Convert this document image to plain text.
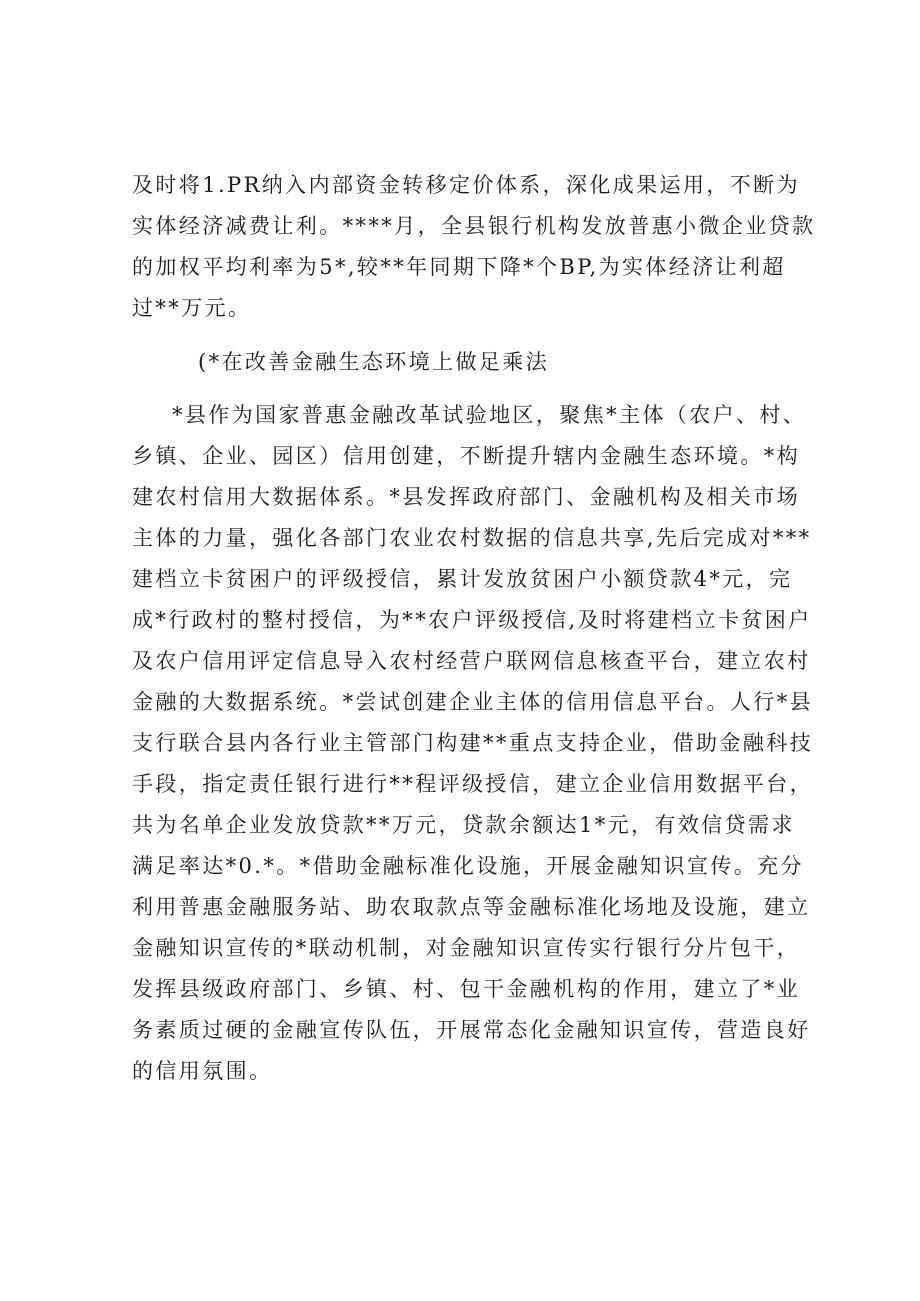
及时将1.PR纳入内部资金转移定价体系，深化成果运用，不断为
实体经济减费让利。****月，全县银行机构发放普惠小微企业贷款
的加权平均利率为5*,较**年同期下降*个BP,为实体经济让利超
过**万元。
(*在改善金融生态环境上做足乘法
*县作为国家普惠金融改革试验地区，聚焦*主体（农户、村、
乡镇、企业、园区）信用创建，不断提升辖内金融生态环境。*构
建农村信用大数据体系。*县发挥政府部门、金融机构及相关市场
主体的力量，强化各部门农业农村数据的信息共享,先后完成对***
建档立卡贫困户的评级授信，累计发放贫困户小额贷款4*元，完
成*行政村的整村授信，为**农户评级授信,及时将建档立卡贫困户
及农户信用评定信息导入农村经营户联网信息核查平台，建立农村
金融的大数据系统。*尝试创建企业主体的信用信息平台。人行*县
支行联合县内各行业主管部门构建**重点支持企业，借助金融科技
手段，指定责任银行进行**程评级授信，建立企业信用数据平台，
共为名单企业发放贷款**万元，贷款余额达1*元，有效信贷需求
满足率达*0.*。*借助金融标准化设施，开展金融知识宣传。充分
利用普惠金融服务站、助农取款点等金融标准化场地及设施，建立
金融知识宣传的*联动机制，对金融知识宣传实行银行分片包干，
发挥县级政府部门、乡镇、村、包干金融机构的作用，建立了*业
务素质过硬的金融宣传队伍，开展常态化金融知识宣传，营造良好
的信用氛围。
